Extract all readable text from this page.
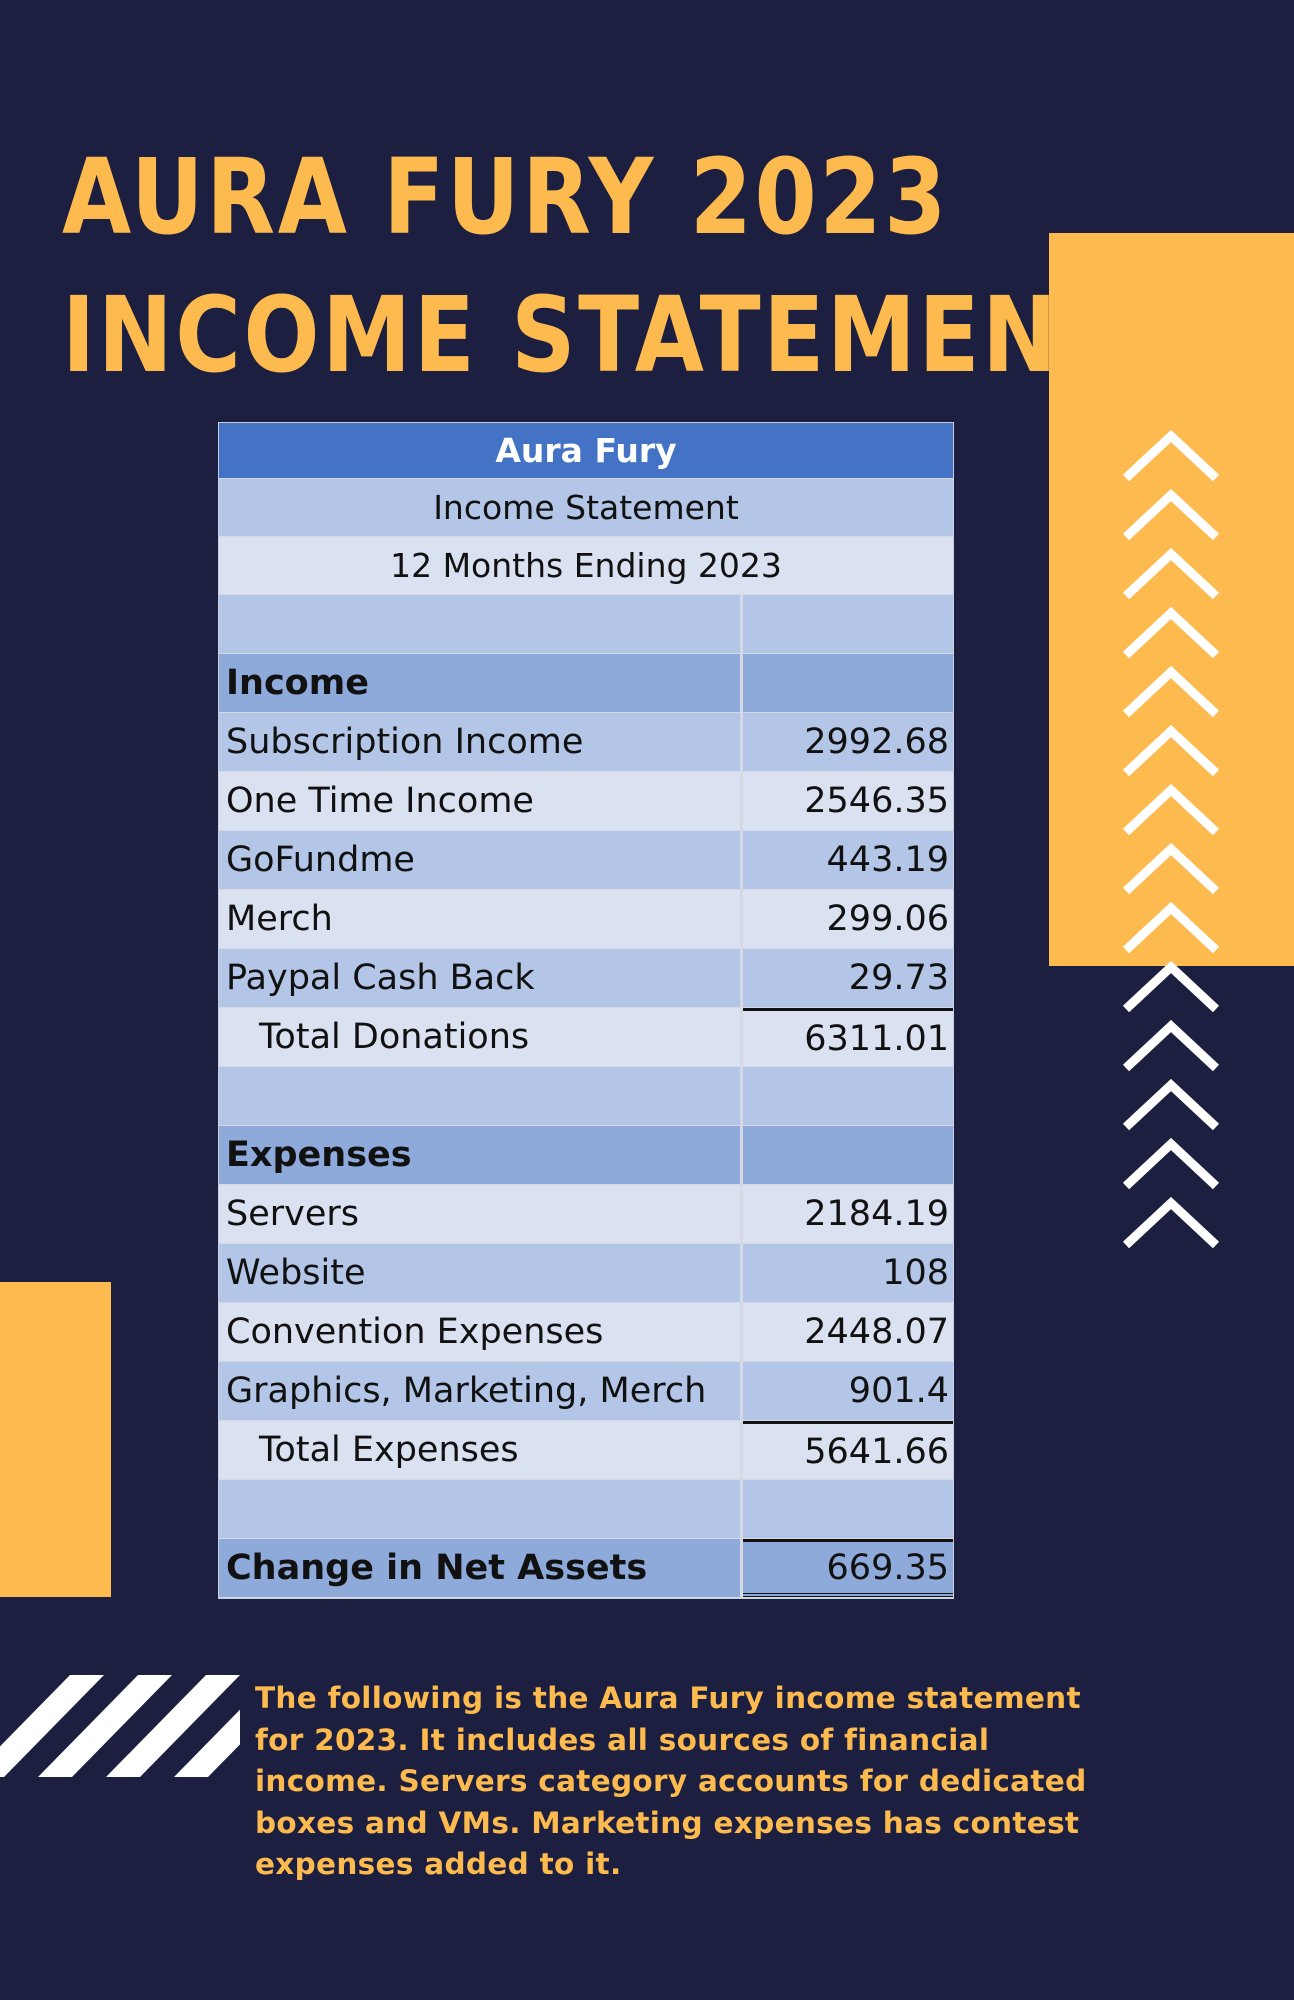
AURA FURY 2023
INCOME STATEMENT
Aura Fury
Income Statement
12 Months Ending 2023
Income
Subscription Income	2992.68
One Time Income	2546.35
GoFundme	443.19
Merch	299.06
Paypal Cash Back	29.73
Total Donations	6311.01
Expenses
Servers	2184.19
Website	108
Convention Expenses	2448.07
Graphics, Marketing, Merch	901.4
Total Expenses	5641.66
Change in Net Assets	669.35

The following is the Aura Fury income statement for 2023. It includes all sources of financial income. Servers category accounts for dedicated boxes and VMs. Marketing expenses has contest expenses added to it.
